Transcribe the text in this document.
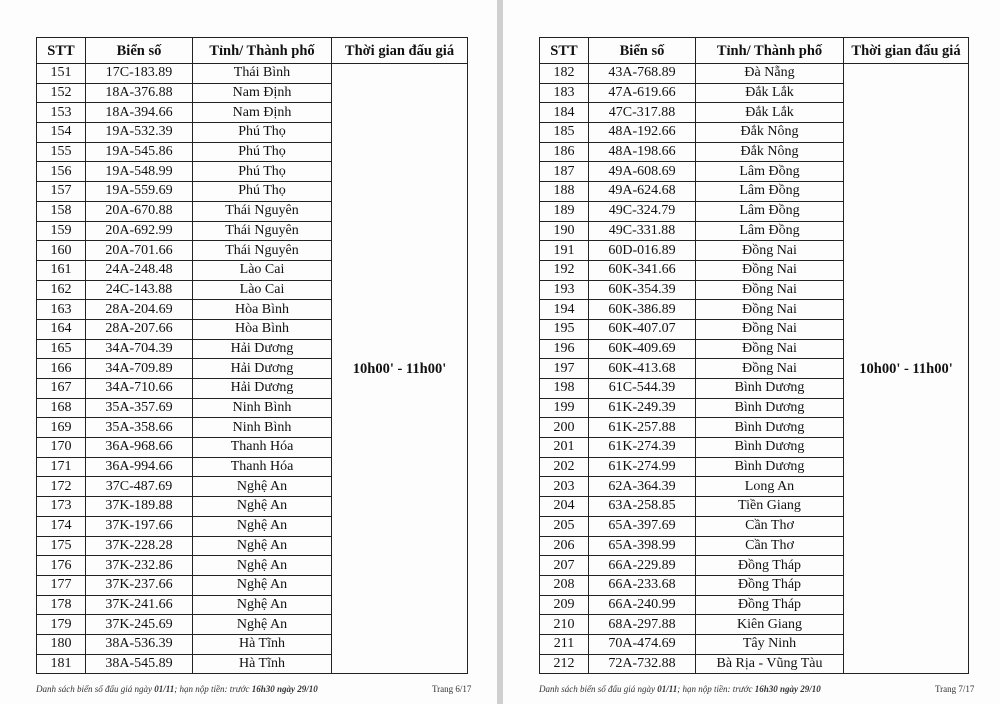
STT	Biển số	Tỉnh/ Thành phố	Thời gian đấu giá
151	17C-183.89	Thái Bình	10h00' - 11h00'
152	18A-376.88	Nam Định	
153	18A-394.66	Nam Định	
154	19A-532.39	Phú Thọ	
155	19A-545.86	Phú Thọ	
156	19A-548.99	Phú Thọ	
157	19A-559.69	Phú Thọ	
158	20A-670.88	Thái Nguyên	
159	20A-692.99	Thái Nguyên	
160	20A-701.66	Thái Nguyên	
161	24A-248.48	Lào Cai	
162	24C-143.88	Lào Cai	
163	28A-204.69	Hòa Bình	
164	28A-207.66	Hòa Bình	
165	34A-704.39	Hải Dương	
166	34A-709.89	Hải Dương	
167	34A-710.66	Hải Dương	
168	35A-357.69	Ninh Bình	
169	35A-358.66	Ninh Bình	
170	36A-968.66	Thanh Hóa	
171	36A-994.66	Thanh Hóa	
172	37C-487.69	Nghệ An	
173	37K-189.88	Nghệ An	
174	37K-197.66	Nghệ An	
175	37K-228.28	Nghệ An	
176	37K-232.86	Nghệ An	
177	37K-237.66	Nghệ An	
178	37K-241.66	Nghệ An	
179	37K-245.69	Nghệ An	
180	38A-536.39	Hà Tĩnh	
181	38A-545.89	Hà Tĩnh	
Danh sách biển số đấu giá ngày 01/11; hạn nộp tiền: trước 16h30 ngày 29/10	Trang 6/17
STT	Biển số	Tỉnh/ Thành phố	Thời gian đấu giá
182	43A-768.89	Đà Nẵng	10h00' - 11h00'
183	47A-619.66	Đắk Lắk	
184	47C-317.88	Đắk Lắk	
185	48A-192.66	Đắk Nông	
186	48A-198.66	Đắk Nông	
187	49A-608.69	Lâm Đồng	
188	49A-624.68	Lâm Đồng	
189	49C-324.79	Lâm Đồng	
190	49C-331.88	Lâm Đồng	
191	60D-016.89	Đồng Nai	
192	60K-341.66	Đồng Nai	
193	60K-354.39	Đồng Nai	
194	60K-386.89	Đồng Nai	
195	60K-407.07	Đồng Nai	
196	60K-409.69	Đồng Nai	
197	60K-413.68	Đồng Nai	
198	61C-544.39	Bình Dương	
199	61K-249.39	Bình Dương	
200	61K-257.88	Bình Dương	
201	61K-274.39	Bình Dương	
202	61K-274.99	Bình Dương	
203	62A-364.39	Long An	
204	63A-258.85	Tiền Giang	
205	65A-397.69	Cần Thơ	
206	65A-398.99	Cần Thơ	
207	66A-229.89	Đồng Tháp	
208	66A-233.68	Đồng Tháp	
209	66A-240.99	Đồng Tháp	
210	68A-297.88	Kiên Giang	
211	70A-474.69	Tây Ninh	
212	72A-732.88	Bà Rịa - Vũng Tàu	
Danh sách biển số đấu giá ngày 01/11; hạn nộp tiền: trước 16h30 ngày 29/10	Trang 7/17
